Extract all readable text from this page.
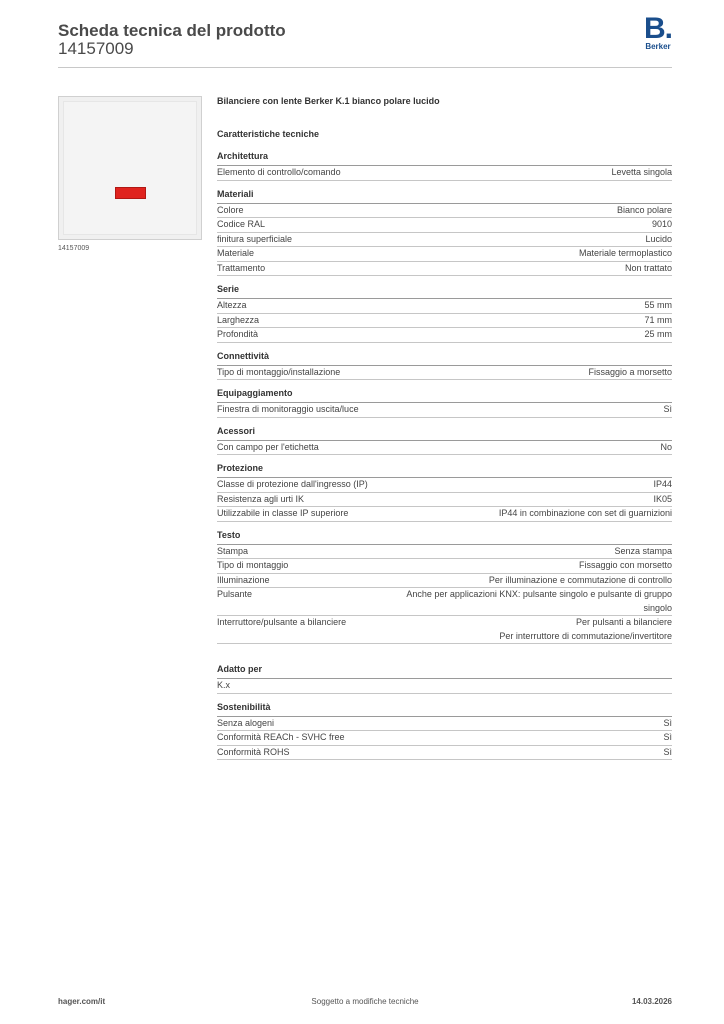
Scheda tecnica del prodotto
14157009
B.
Berker
14157009
Bilanciere con lente Berker K.1 bianco polare lucido
Caratteristiche tecniche
Architettura
Elemento di controllo/comando	Levetta singola
Materiali
Colore	Bianco polare
Codice RAL	9010
finitura superficiale	Lucido
Materiale	Materiale termoplastico
Trattamento	Non trattato
Serie
Altezza	55 mm
Larghezza	71 mm
Profondità	25 mm
Connettività
Tipo di montaggio/installazione	Fissaggio a morsetto
Equipaggiamento
Finestra di monitoraggio uscita/luce	Sì
Acessori
Con campo per l'etichetta	No
Protezione
Classe di protezione dall'ingresso (IP)	IP44
Resistenza agli urti IK	IK05
Utilizzabile in classe IP superiore	IP44 in combinazione con set di guarnizioni
Testo
Stampa	Senza stampa
Tipo di montaggio	Fissaggio con morsetto
Illuminazione	Per illuminazione e commutazione di controllo
Pulsante	Anche per applicazioni KNX: pulsante singolo e pulsante di gruppo
singolo
Interruttore/pulsante a bilanciere	Per pulsanti a bilanciere
Per interruttore di commutazione/invertitore
Adatto per
K.x
Sostenibilità
Senza alogeni	Sì
Conformità REACh - SVHC free	Sì
Conformità ROHS	Sì
hager.com/it	Soggetto a modifiche tecniche	14.03.2026
